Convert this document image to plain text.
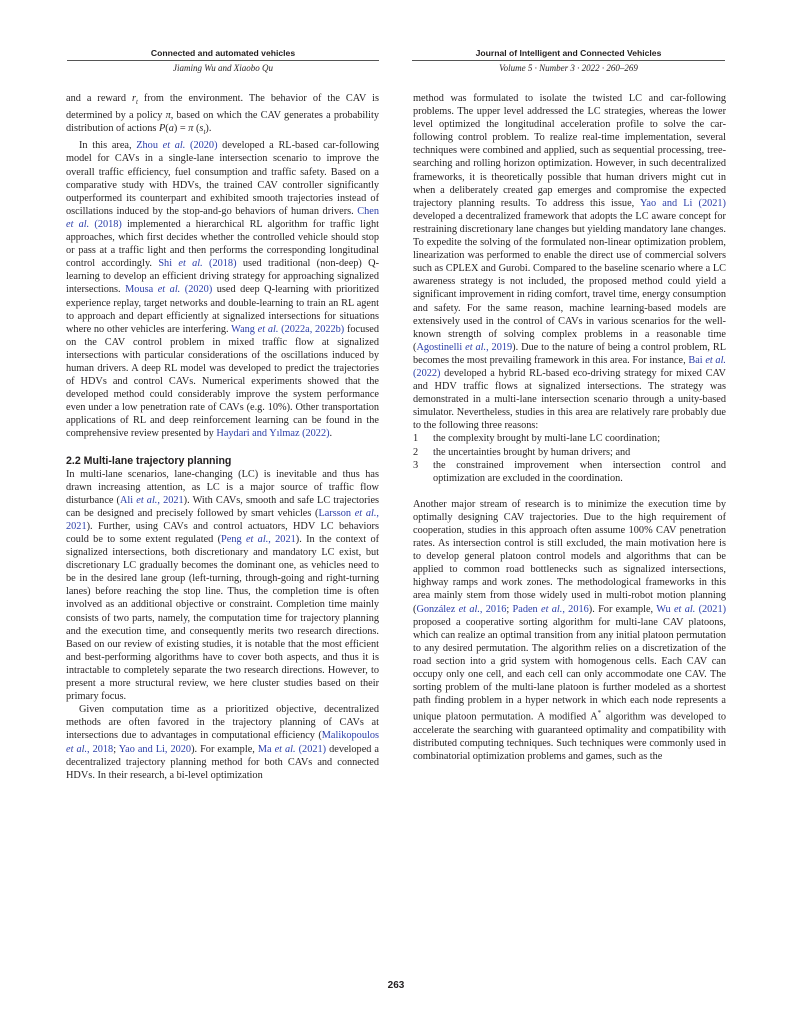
Connected and automated vehicles
Jiaming Wu and Xiaobo Qu
Journal of Intelligent and Connected Vehicles
Volume 5 · Number 3 · 2022 · 260–269

and a reward $r_t$ from the environment. The behavior of the CAV is determined by a policy π, based on which the CAV generates a probability distribution of actions P(a) = π $(s_t)$.

In this area, Zhou et al. (2020) developed a RL-based car-following model for CAVs in a single-lane intersection scenario to improve the overall traffic efficiency, fuel consumption and traffic safety. Based on a comparative study with HDVs, the trained CAV controller significantly outperformed its counterpart and exhibited smooth trajectories instead of oscillations induced by the stop-and-go behaviors of human drivers. Chen et al. (2018) implemented a hierarchical RL algorithm for traffic light approaches, which first decides whether the controlled vehicle should stop or pass at a traffic light and then performs the corresponding longitudinal control accordingly. Shi et al. (2018) used traditional (non-deep) Q-learning to develop an efficient driving strategy for approaching signalized intersections. Mousa et al. (2020) used deep Q-learning with prioritized experience replay, target networks and double-learning to train an RL agent to approach and depart efficiently at signalized intersections for situations where no other vehicles are interfering. Wang et al. (2022a, 2022b) focused on the CAV control problem in mixed traffic flow at signalized intersections with particular considerations of the oscillations induced by human drivers. A deep RL model was developed to predict the trajectories of HDVs and control CAVs. Numerical experiments showed that the developed method could considerably improve the system performance even under a low penetration rate of CAVs (e.g. 10%). Other transportation applications of RL and deep reinforcement learning can be found in the comprehensive review presented by Haydari and Yılmaz (2022).

2.2 Multi-lane trajectory planning

In multi-lane scenarios, lane-changing (LC) is inevitable and thus has drawn increasing attention, as LC is a major source of traffic flow disturbance (Ali et al., 2021). With CAVs, smooth and safe LC trajectories can be designed and precisely followed by smart vehicles (Larsson et al., 2021). Further, using CAVs and control actuators, HDV LC behaviors could be to some extent regulated (Peng et al., 2021). In the context of signalized intersections, both discretionary and mandatory LC exist, but discretionary LC gradually becomes the dominant one, as vehicles need to be in the desired lane group (left-turning, through-going and right-turning lanes) before reaching the stop line. Thus, the completion time is often involved as an additional objective or constraint. Completion time mainly consists of two parts, namely, the computation time for trajectory planning and the execution time, and consequently merits two research directions. Based on our review of existing studies, it is notable that the most efficient and best-performing algorithms have to cover both aspects, and thus it is intractable to completely separate the two research directions. However, to present a more structural review, we here cluster studies based on their primary focus.

Given computation time as a prioritized objective, decentralized methods are often favored in the trajectory planning of CAVs at intersections due to advantages in computational efficiency (Malikopoulos et al., 2018; Yao and Li, 2020). For example, Ma et al. (2021) developed a decentralized trajectory planning method for both CAVs and connected HDVs. In their research, a bi-level optimization

method was formulated to isolate the twisted LC and car-following problems. The upper level addressed the LC strategies, whereas the lower level optimized the longitudinal acceleration profile to solve the car-following control problem. To realize real-time implementation, several techniques were combined and applied, such as sequential processing, tree-searching and rolling horizon optimization. However, in such decentralized frameworks, it is theoretically possible that human drivers might cut in when a deliberately created gap emerges and compromise the expected trajectory planning results. To address this issue, Yao and Li (2021) developed a decentralized framework that adopts the LC aware concept for restraining discretionary lane changes but yielding mandatory lane changes. To expedite the solving of the formulated non-linear optimization problem, linearization was performed to enable the direct use of commercial solvers such as CPLEX and Gurobi. Compared to the baseline scenario where a LC awareness strategy is not included, the proposed method could yield a significant improvement in riding comfort, travel time, energy consumption and safety. For the same reason, machine learning-based models are extensively used in the control of CAVs in various scenarios for the well-known strength of solving complex problems in a reasonable time (Agostinelli et al., 2019). Due to the nature of being a control problem, RL becomes the most prevailing framework in this area. For instance, Bai et al. (2022) developed a hybrid RL-based eco-driving strategy for mixed CAV and HDV traffic flows at signalized intersections. The strategy was demonstrated in a multi-lane intersection scenario through a unity-based simulator. Nevertheless, studies in this area are relatively rare probably due to the following three reasons:

1	the complexity brought by multi-lane LC coordination;
2	the uncertainties brought by human drivers; and
3	the constrained improvement when intersection control and optimization are excluded in the coordination.

Another major stream of research is to minimize the execution time by optimally designing CAV trajectories. Due to the high requirement of cooperation, studies in this approach often assume 100% CAV penetration rates. As intersection control is still excluded, the main motivation here is to develop general platoon control models and algorithms that can be applied to common road bottlenecks such as signalized intersections, highway ramps and work zones. The methodological frameworks in this area mainly stem from those widely used in multi-robot motion planning (González et al., 2016; Paden et al., 2016). For example, Wu et al. (2021) proposed a cooperative sorting algorithm for multi-lane CAV platoons, which can realize an optimal transition from any initial platoon permutation to any desired permutation. The algorithm relies on a discretization of the road section into a grid system with homogenous cells. Each CAV can occupy only one cell, and each cell can only accommodate one CAV. The sorting problem of the multi-lane platoon is further modeled as a shortest path finding problem in a hyper network in which each node represents a unique platoon permutation. A modified A* algorithm was developed to accelerate the searching with guaranteed optimality and compatibility with distributed computing techniques. Such techniques were commonly used in combinatorial optimization problems and games, such as the

263
